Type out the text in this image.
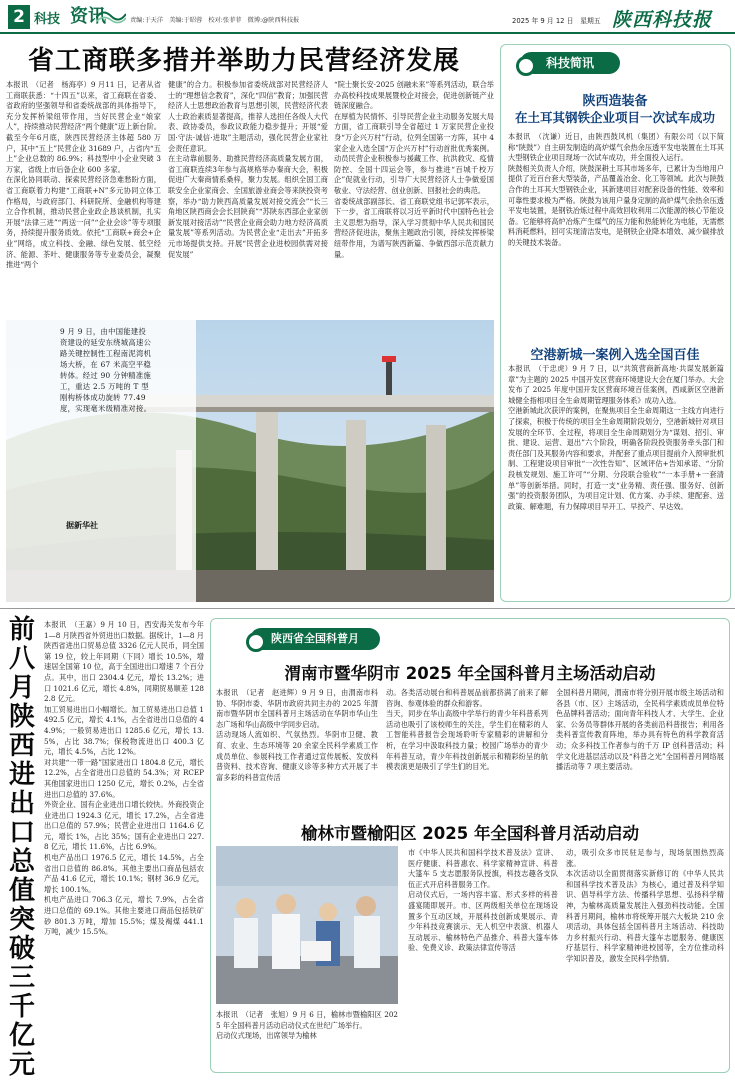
2 科技 资讯	责编:于天洋　美编:于昭蓉　校对:张菲菲　微博:@陕西科技报	2025 年 9 月 12 日　星期五 陕西科技报
省工商联多措并举助力民营经济发展
本报讯　（记者　杨海亭）9 月11 日，记者从省工商联获悉：“十四五”以来，省工商联在省委、省政府的坚强领导和省委统战部的具体指导下，充分发挥桥梁纽带作用，当好民营企业“娘家人”，持续推动民营经济“两个健康”迈上新台阶。截至今年6月底，陕西民营经济主体超 580 万户，其中“五上”民营企业 31689 户，占省内“五上”企业总数的 86.9%；科技型中小企业突破 3 万家，省级上市后备企业 600 多家。
在深化协同联动、探索民营经济急难愁盼方面，省工商联着力构建“工商联+N”多元协同立体工作格局，与政府部门、科研院所、金融机构等建立合作机制，推动民营企业政企恳谈机制，扎实开展“法律三进”“两送一问”“企业会诊”等专项服务，持续提升服务质效。依托“工商联+商会+企业”网络，成立科技、金融、绿色发展、低空经济、能源、茶叶、健康服务等专业委员会，凝聚推进“两个
健康”的合力。积极参加省委统战部对民营经济人士的“理想信念教育”，深化“四信”教育；加强民营经济人士思想政治教育与思想引领，民营经济代表人士政治素质显著提高，推荐人选担任各级人大代表、政协委员，参政议政能力稳步提升；开展“爱国·守法·诚信·进取”主题活动，强化民营企业家社会责任意识。
在主动靠前服务、助推民营经济高质量发展方面，省工商联连续3年参与高规格举办秦商大会，积极促进广大秦商情系桑梓，聚力发展。组织全国工商联安全企业家商会、全国旅游业商会等来陕投资考察，举办“助力陕西高质量发展对接交流会”“长三角地区陕西商会会长回陕商”“苏陕东西部企业家创新发展对接活动”“民营企业商会助力地方经济高质量发展”等系列活动。为民营企业“走出去”开拓多元市场提供支持。开展“民营企业进校园供需对接促发展”
“院士聚长安·2025 创融未来”等系列活动，联合举办高校科技成果展暨校企对接会，促进创新链产业链深度融合。
在厚植为民情怀、引导民营企业主动服务发展大局方面，省工商联引导全省超过 1 万家民营企业投身“万企兴万村”行动，位列全国第一方阵，其中 4 家企业入选全国“万企兴万村”行动首批优秀案例。动员民营企业积极参与援藏工作、抗洪救灾、疫情防控、全国十四运会等，参与推进“百城千校万企”促就业行动，引导广大民营经济人士争做爱国敬业、守法经营、创业创新、回报社会的典范。
省委统战部副部长、省工商联党组书记郭军表示，下一步，省工商联将以习近平新时代中国特色社会主义思想为指导，深入学习贯彻中华人民共和国民营经济促进法，聚焦主题政治引领，持续发挥桥梁纽带作用，为谱写陕西新篇、争做西部示范贡献力量。
9 月 9 日，由中国能建投资建设的延安东绕城高速公路关键控制性工程南泥湾机场大桥，在 67 米高空平稳转体。经过 90 分钟精准施工，重达 2.5 万吨的 T 型刚构桥体成功旋转 77.49 度，实现毫米级精准对接。
据新华社
科技简讯
陕西造装备
在土耳其钢铁企业项目一次试车成功
本报讯　（沈谦）近日，由陕西鼓风机（集团）有限公司（以下简称“陕鼓”）自主研发制造的高炉煤气余热余压透平发电装置在土耳其大型钢铁企业项目现场一次试车成功，并全面投入运行。
陕鼓相关负责人介绍，陕鼓深耕土耳其市场多年，已累计为当地用户提供了近百台套大型装备，产品覆盖冶金、化工等领域。此次与陕鼓合作的土耳其大型钢铁企业，其新建项目对配套设备的性能、效率和可靠性要求极为严格。陕鼓为该用户量身定制的高炉煤气余热余压透平发电装置，是钢铁冶炼过程中高效回收利用二次能源的核心节能设备。它能够将高炉冶炼产生煤气的压力能和热能转化为电能，无需燃料消耗燃料，回可实现清洁发电，是钢铁企业降本增效、减少碳排放的关键技术装备。
空港新城一案例入选全国百佳
本报讯　（于忠虎）9 月 7 日，以“共筑营商新高地·共谋发展新篇章”为主题的 2025 中国开发区营商环境建设大会在厦门举办。大会发布了 2025 年度中国开发区营商环境百佳案例，西咸新区空港新城健全指相项目全生命周期管理服务体系》成功入选。
空港新城此次获评的案例，在聚焦项目全生命周期这一主线方向进行了探索，积极于传统的项目全生命周期阶段划分，空港新城针对项目发展的全环节、全过程，将项目全生命周期划分为“谋划、招引、审批、建设、运营、退出”六个阶段，明确各阶段投资服务牵头部门和责任部门及其服务内容和要求，并配套了重点项目提前介入预审批机制、工程建设项目审批“一次性告知”、区域评估+告知承诺、“分阶段核发规划、施工许可”“分期、分段联合验收”“一本手册+一套清单”等创新举措。同时，打造一支“业务精、责任强、服务好、创新强”的投资服务团队，为项目定计划、优方案、办手续、建配套、送政策、解难题，有力保障项目早开工、早投产、早达效。
前八月陕西进出口总值突破三千亿元
本报讯　（王嘉）9 月 10 日，西安海关发布今年 1—8 月陕西省外贸进出口数据。据统计，1—8 月陕西省进出口贸易总值 3326 亿元人民币，同全国第 19 位，较上年同期（下同）增长 10.5%，增速居全国第 10 位，高于全国进出口增速 7 个百分点。其中，出口 2304.4 亿元，增长 13.2%；进口 1021.6 亿元，增长 4.8%，同期贸易顺差 1282.8 亿元。
加工贸易进出口小幅增长。加工贸易进出口总值 1492.5 亿元，增长 4.1%，占全省进出口总值的 44.9%；一般贸易进出口 1285.6 亿元，增长 13.5%，占比 38.7%；保税物流进出口 400.3 亿元，增长 4.5%，占比 12%。
对共建“一带一路”国家进出口 1804.8 亿元，增长 12.2%，占全省进出口总值的 54.3%；对 RCEP 其他国家进出口 1250 亿元，增长 0.2%，占全省进出口总值的 37.6%。
外资企业、国有企业进出口增长较快。外商投资企业进出口 1924.3 亿元，增长 17.2%，占全省进出口总值的 57.9%；民营企业进出口 1164.6 亿元，增长 1%，占比 35%；国有企业进出口 227.8 亿元，增长 11.6%，占比 6.9%。
机电产品出口 1976.5 亿元，增长 14.5%，占全省出口总值的 86.8%。其他主要出口商品包括农产品 41.6 亿元，增长 10.1%；钢材 36.9 亿元，增长 100.1%。
机电产品进口 706.3 亿元，增长 7.9%，占全省进口总值的 69.1%。其他主要进口商品包括铁矿砂 801.3 万吨，增加 15.5%；煤及褐煤 441.1 万吨，减少 15.5%。
陕西省全国科普月
渭南市暨华阴市 2025 年全国科普月主场活动启动
本报讯　（记者　赵进辉）9 月 9 日，由渭南市科协、华阴市委、华阴市政府共同主办的 2025 年渭南市暨华阴市全国科普月主场活动在华阴市华山生态广场和华山高级中学同步启动。
活动现场人流如织、气氛热烈。华阴市卫健、教育、农业、生态环境等 20 余家全民科学素质工作成员单位、参展科技工作者通过宣传展板、发放科普资料、技术咨询、健康义诊等多种方式开展了丰富多彩的科普宣传活
动。各类活动展台和科普展品前都挤满了前来了解咨询、参观体验的群众和游客。
当天，同步在华山高级中学举行的青少年科普系列活动也吸引了该校师生的关注，学生们在精彩的人工智能科普报告会现场聆听专家精彩的讲解和分析，在学习中汲取科技力量；校园广场举办的青少年科普互动，青少年科技创新展示和精彩纷呈的航模表演更是吸引了学生们的目光。
全国科普月期间，渭南市将分别开展市级主场活动和各县（市、区）主场活动，全民科学素质成员单位特色品牌科普活动；面向青年科技人才、大学生、企业家、公务员等群体开展的各类前沿科普报告；利用各类科普宣传教育阵地，举办具有特色的科学教育活动；众多科技工作者参与的千万 IP 创科普活动；科学文化进基层活动以及“科普之光”全国科普月网络展播活动等 7 项主要活动。
榆林市暨榆阳区 2025 年全国科普月活动启动
本报讯　（记者　张旭）9 月 6 日，榆林市暨榆阳区 2025 年全国科普月活动启动仪式在世纪广场举行。
启动仪式现场，出席领导为榆林
市《中华人民共和国科学技术普及法》宣讲、医疗健康、科普惠农、科学家精神宣讲、科普大篷车 5 支志愿服务队授旗，科技志趣各支队伍正式开启科普服务工作。
启动仪式后，一场内容丰富、形式多样的科普盛宴随即展开。市、区两级相关单位在现场设置多个互动区域，开展科技创新成果展示、青少年科技竞赛演示、无人机空中表演、机器人互动展示、榆林特色产品推介、科普大篷车体验、免费义诊、政策法律宣传等活
动，吸引众多市民驻足参与，现场氛围热烈高涨。
本次活动以全面贯彻落实新修订的《中华人民共和国科学技术普及法》为核心，通过普及科学知识、倡导科学方法、传播科学思想、弘扬科学精神，为榆林高质量发展注入强劲科技动能。全国科普月期间，榆林市将统筹开展六大板块 210 余项活动，具体包括全国科普月主场活动、科技助力乡村振兴行动、科普大篷车志愿服务、健康医疗基层行、科学家精神进校园等，全方位推动科学知识普及，激发全民科学热情。
